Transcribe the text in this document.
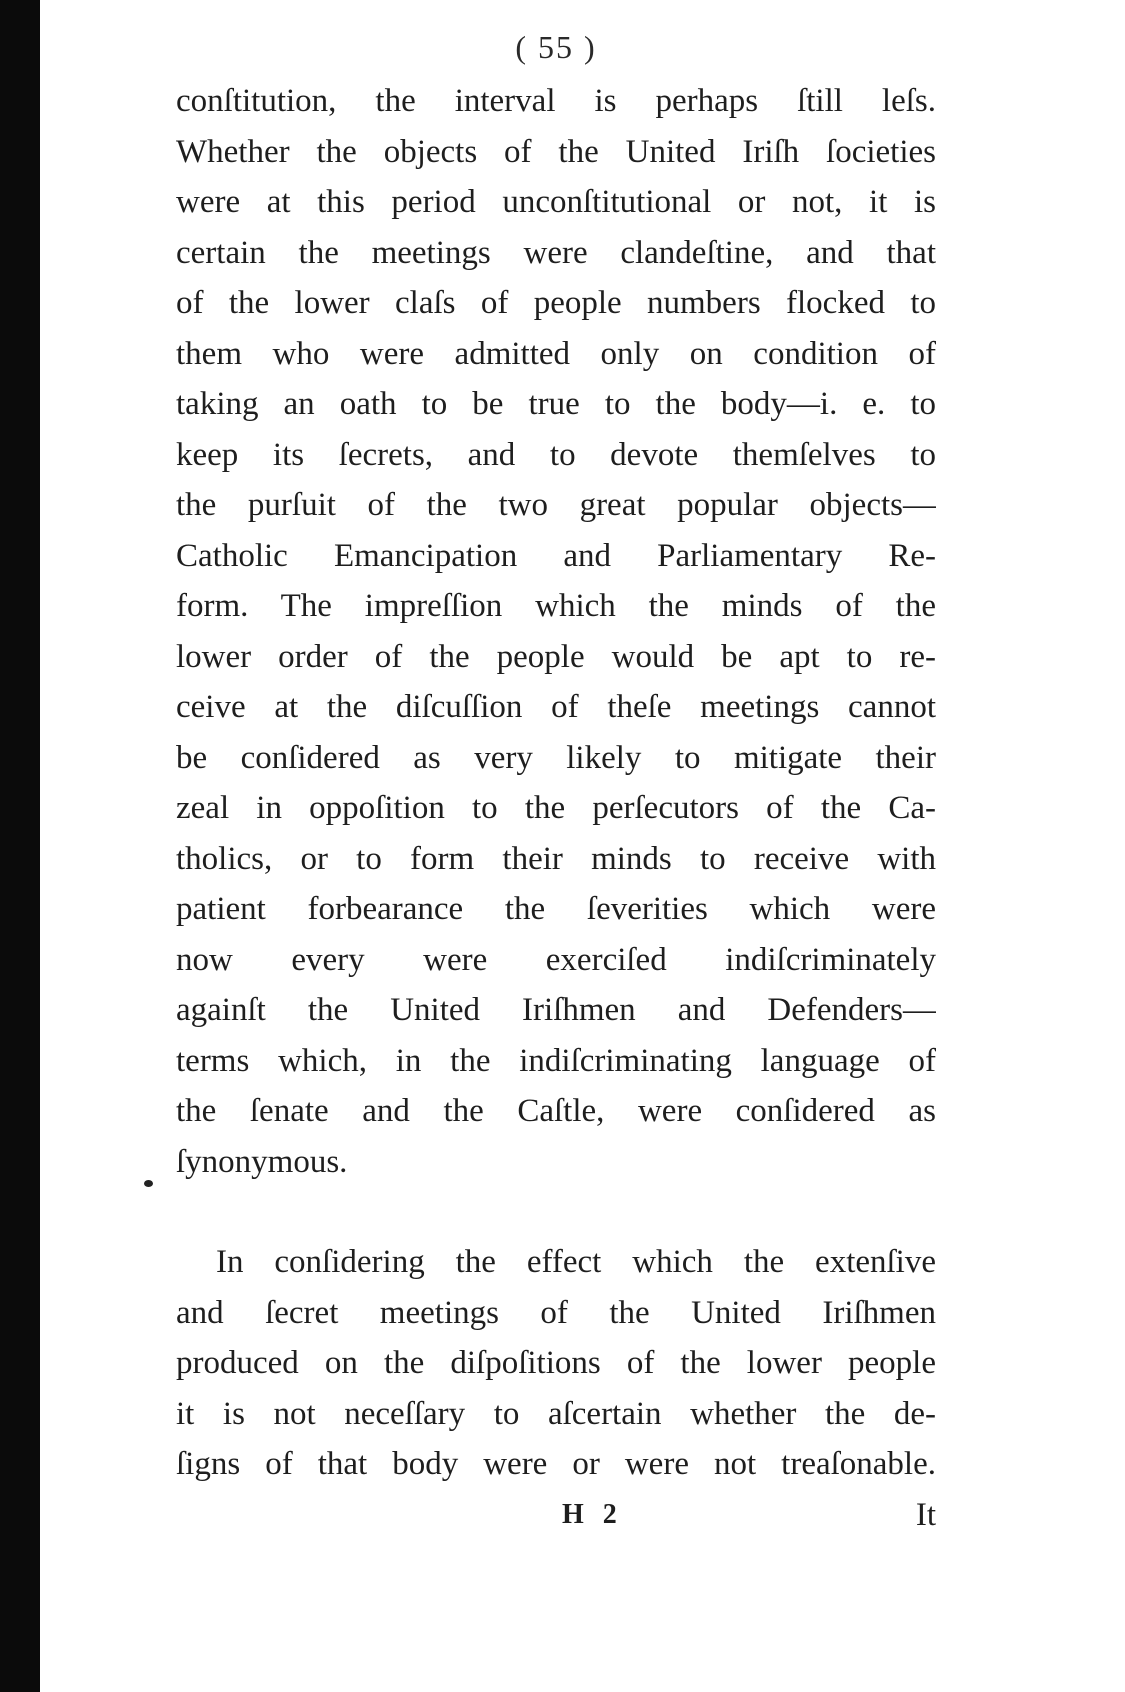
( 55 )
conſtitution, the interval is perhaps ſtill leſs.
Whether the objects of the United Iriſh ſocieties
were at this period unconſtitutional or not, it is
certain the meetings were clandeſtine, and that
of the lower claſs of people numbers flocked to
them who were admitted only on condition of
taking an oath to be true to the body—i. e. to
keep its ſecrets, and to devote themſelves to
the purſuit of the two great popular objects—
Catholic Emancipation and Parliamentary Re-
form. The impreſſion which the minds of the
lower order of the people would be apt to re-
ceive at the diſcuſſion of theſe meetings cannot
be conſidered as very likely to mitigate their
zeal in oppoſition to the perſecutors of the Ca-
tholics, or to form their minds to receive with
patient forbearance the ſeverities which were
now every were exerciſed indiſcriminately
againſt the United Iriſhmen and Defenders—
terms which, in the indiſcriminating language of
the ſenate and the Caſtle, were conſidered as
ſynonymous.
In conſidering the effect which the extenſive
and ſecret meetings of the United Iriſhmen
produced on the diſpoſitions of the lower people
it is not neceſſary to aſcertain whether the de-
ſigns of that body were or were not treaſonable.
H 2	It
